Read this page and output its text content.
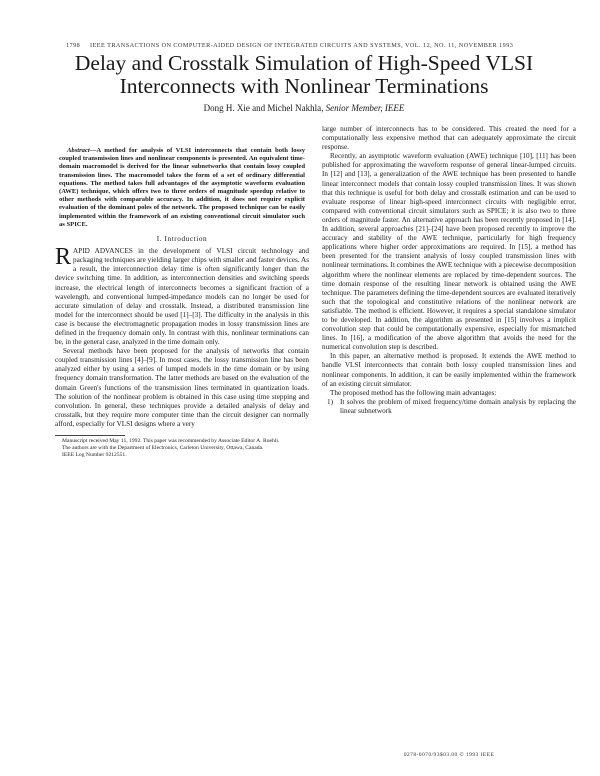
1798 IEEE TRANSACTIONS ON COMPUTER-AIDED DESIGN OF INTEGRATED CIRCUITS AND SYSTEMS, VOL. 12, NO. 11, NOVEMBER 1993
Delay and Crosstalk Simulation of High-Speed VLSI
Interconnects with Nonlinear Terminations
Dong H. Xie and Michel Nakhla, Senior Member, IEEE

Abstract—A method for analysis of VLSI interconnects that contain both lossy coupled transmission lines and nonlinear components is presented. An equivalent time-domain macromodel is derived for the linear subnetworks that contain lossy coupled transmission lines. The macromodel takes the form of a set of ordinary differential equations. The method takes full advantages of the asymptotic waveform evaluation (AWE) technique, which offers two to three orders of magnitude speedup relative to other methods with comparable accuracy. In addition, it does not require explicit evaluation of the dominant poles of the network. The proposed technique can be easily implemented within the framework of an existing conventional circuit simulator such as SPICE.

I. Introduction

RAPID ADVANCES in the development of VLSI circuit technology and packaging techniques are yielding larger chips with smaller and faster devices. As a result, the interconnection delay time is often significantly longer than the device switching time. In addition, as interconnection densities and switching speeds increase, the electrical length of interconnects becomes a significant fraction of a wavelength, and conventional lumped-impedance models can no longer be used for accurate simulation of delay and crosstalk. Instead, a distributed transmission line model for the interconnect should be used [1]–[3]. The difficulty in the analysis in this case is because the electromagnetic propagation modes in lossy transmission lines are defined in the frequency domain only. In contrast with this, nonlinear terminations can be, in the general case, analyzed in the time domain only.

Several methods have been proposed for the analysis of networks that contain coupled transmission lines [4]–[9]. In most cases, the lossy transmission line has been analyzed either by using a series of lumped models in the time domain or by using frequency domain transformation. The latter methods are based on the evaluation of the domain Green's functions of the transmission lines terminated in quantization loads. The solution of the nonlinear problem is obtained in this case using time stepping and convolution. In general, these techniques provide a detailed analysis of delay and crosstalk, but they require more computer time than the circuit designer can normally afford, especially for VLSI designs where a very

Manuscript received May 11, 1992. This paper was recommended by Associate Editor A. Ruehli.
The authors are with the Department of Electronics, Carleton University, Ottawa, Canada.
IEEE Log Number 9212551.

large number of interconnects has to be considered. This created the need for a computationally less expensive method that can adequately approximate the circuit response.

Recently, an asymptotic waveform evaluation (AWE) technique [10], [11] has been published for approximating the waveform response of general linear-lumped circuits. In [12] and [13], a generalization of the AWE technique has been presented to handle linear interconnect models that contain lossy coupled transmission lines. It was shown that this technique is useful for both delay and crosstalk estimation and can be used to evaluate response of linear high-speed interconnect circuits with negligible error, compared with conventional circuit simulators such as SPICE; it is also two to three orders of magnitude faster. An alternative approach has been recently proposed in [14]. In addition, several approaches [21]–[24] have been proposed recently to improve the accuracy and stability of the AWE technique, particularly for high frequency applications where higher order approximations are required. In [15], a method has been presented for the transient analysis of lossy coupled transmission lines with nonlinear terminations. It combines the AWE technique with a piecewise decomposition algorithm where the nonlinear elements are replaced by time-dependent sources. The time domain response of the resulting linear network is obtained using the AWE technique. The parameters defining the time-dependent sources are evaluated iteratively such that the topological and constitutive relations of the nonlinear network are satisfiable. The method is efficient. However, it requires a special standalone simulator to be developed. In addition, the algorithm as presented in [15] involves a implicit convolution step that could be computationally expensive, especially for mismatched lines. In [16], a modification of the above algorithm that avoids the need for the numerical convolution step is described.

In this paper, an alternative method is proposed. It extends the AWE method to handle VLSI interconnects that contain both lossy coupled transmission lines and nonlinear components. In addition, it can be easily implemented within the framework of an existing circuit simulator.

The proposed method has the following main advantages:

1) It solves the problem of mixed frequency/time domain analysis by replacing the linear subnetwork

0278-0070/93$03.00 © 1993 IEEE
